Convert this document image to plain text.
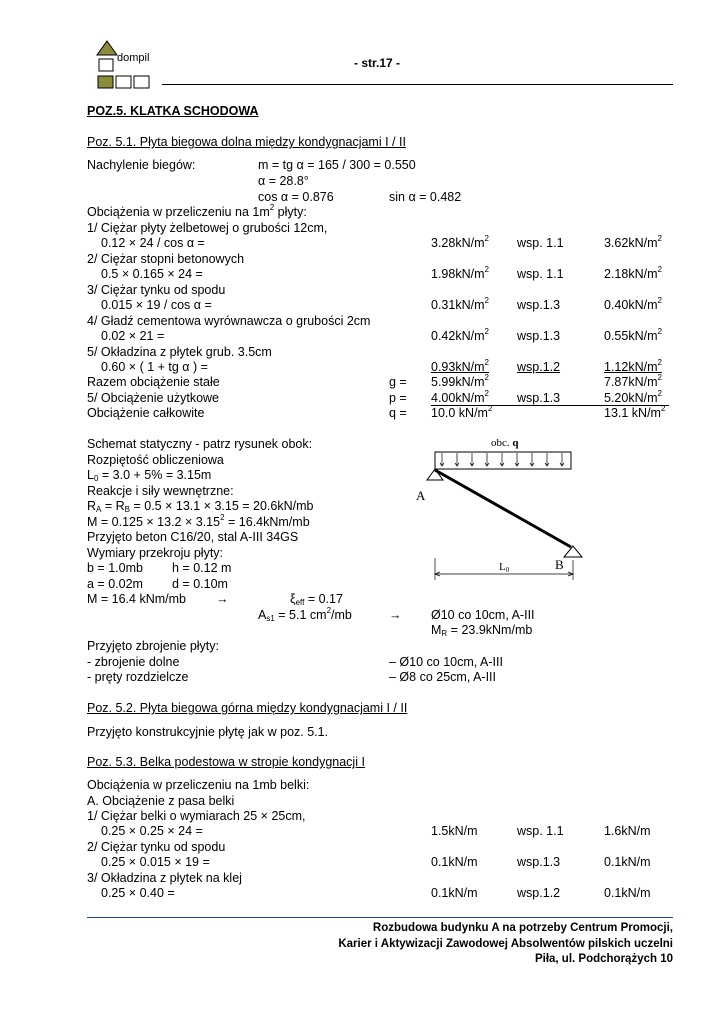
dompil	- str.17 -
POZ.5. KLATKA SCHODOWA
Poz. 5.1. Płyta biegowa dolna między kondygnacjami I / II
Nachylenie biegów:	m = tg α = 165 / 300 = 0.550
α = 28.8°
cos α = 0.876	sin α = 0.482
Obciążenia w przeliczeniu na $1m^2$ płyty:
1/ Ciężar płyty żelbetowej o grubości 12cm,
0.12 × 24 / cos α =	$3.28kN/m^2$ wsp. 1.1	$3.62kN/m^2$
2/ Ciężar stopni betonowych
0.5 × 0.165 × 24 =	$1.98kN/m^2$ wsp. 1.1	$2.18kN/m^2$
3/ Ciężar tynku od spodu
0.015 × 19 / cos α =	$0.31kN/m^2$ wsp.1.3	$0.40kN/m^2$
4/ Gładź cementowa wyrównawcza o grubości 2cm
0.02 × 21 =	$0.42kN/m^2$ wsp.1.3	$0.55kN/m^2$
5/ Okładzina z płytek grub. 3.5cm
0.60 × ( 1 + tg α ) =	$0.93kN/m^2$ wsp.1.2	$1.12kN/m^2$
Razem obciążenie stałe	$g = 5.99kN/m^2$	$7.87kN/m^2$
5/ Obciążenie użytkowe	$p = 4.00kN/m^2$ wsp.1.3	$5.20kN/m^2$
Obciążenie całkowite	q = 10.0 $kN/m^2$	13.1 $kN/m^2$
Schemat statyczny - patrz rysunek obok:
Rozpiętość obliczeniowa
$L_0 = 3.0 + 5\% = 3.15m$
Reakcje i siły wewnętrzne:
$R_A = R_B = 0.5 \times 13.1 \times 3.15 = 20.6kN/mb$
$M = 0.125 \times 13.2 \times 3.15^2 = 16.4kNm/mb$
Przyjęto beton C16/20, stal A-III 34GS
Wymiary przekroju płyty:
b = 1.0mb h = 0.12 m
a = 0.02m d = 0.10m
M = 16.4 kNm/mb →	$\xi_{eff} = 0.17$
$A_{s1} = 5.1$ $cm^2/mb$	→ Ø10 co 10cm, A-III
$M_R = 23.9kNm/mb$
Przyjęto zbrojenie płyty:
- zbrojenie dolne	– Ø10 co 10cm, A-III
- pręty rozdzielcze	– Ø8 co 25cm, A-III
obc. q
B
L0
A
Poz. 5.2. Płyta biegowa górna między kondygnacjami I / II
Przyjęto konstrukcyjnie płytę jak w poz. 5.1.
Poz. 5.3. Belka podestowa w stropie kondygnacji I
Obciążenia w przeliczeniu na 1mb belki:
A. Obciążenie z pasa belki
1/ Ciężar belki o wymiarach 25 × 25cm,
0.25 × 0.25 × 24 =	1.5kN/m	wsp. 1.1	1.6kN/m
2/ Ciężar tynku od spodu
0.25 × 0.015 × 19 =	0.1kN/m	wsp.1.3	0.1kN/m
3/ Okładzina z płytek na klej
0.25 × 0.40 =	0.1kN/m	wsp.1.2	0.1kN/m
Rozbudowa budynku A na potrzeby Centrum Promocji,
Karier i Aktywizacji Zawodowej Absolwentów pilskich uczelni
Piła, ul. Podchorążych 10
